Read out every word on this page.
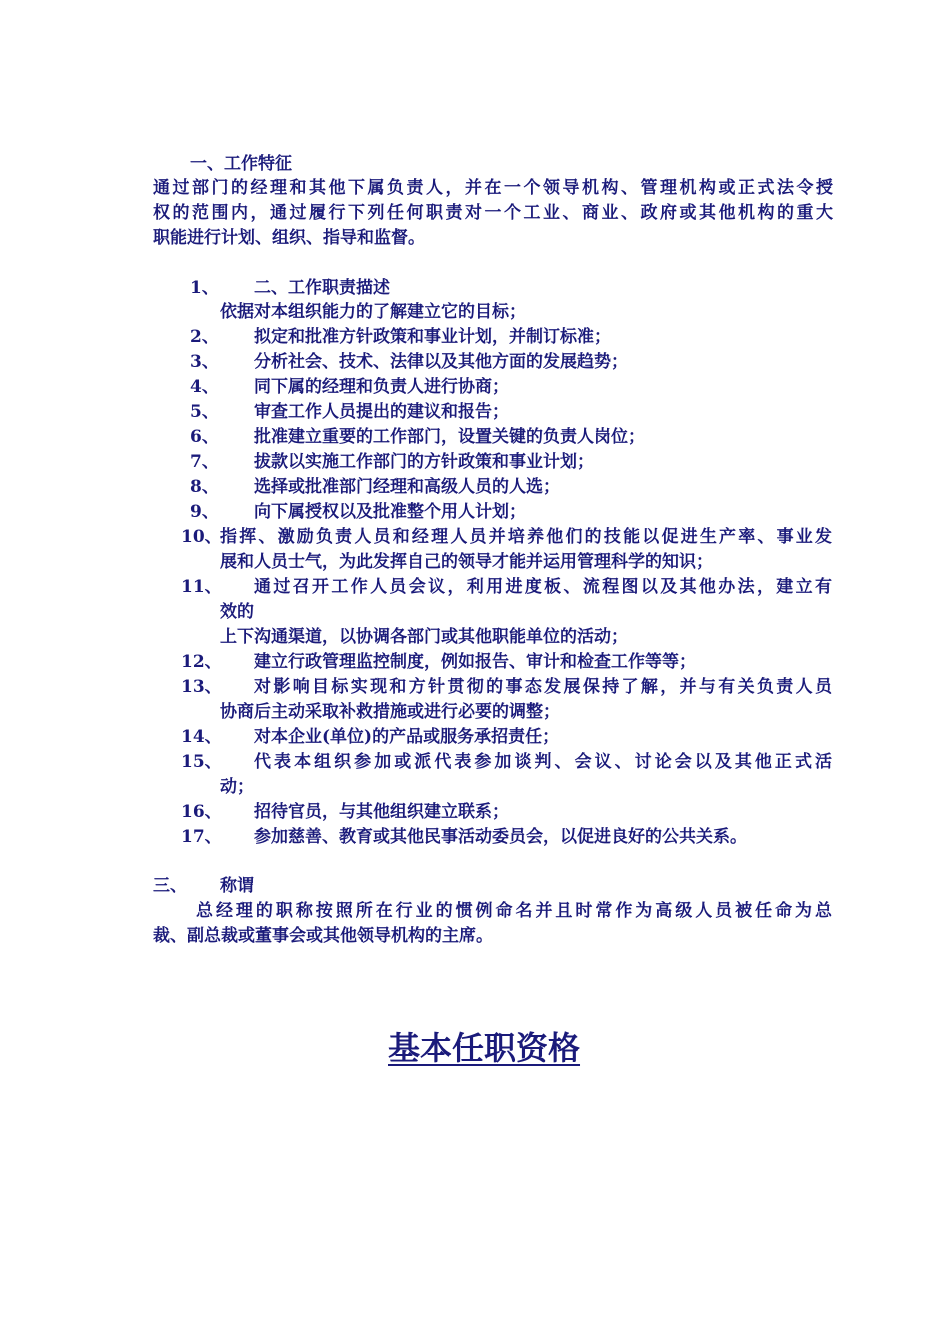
一、工作特征
通过部门的经理和其他下属负责人，并在一个领导机构、管理机构或正式法令授
权的范围内，通过履行下列任何职责对一个工业、商业、政府或其他机构的重大
职能进行计划、组织、指导和监督。
1、 二、工作职责描述
依据对本组织能力的了解建立它的目标；
2、 拟定和批准方针政策和事业计划，并制订标准；
3、 分析社会、技术、法律以及其他方面的发展趋势；
4、 同下属的经理和负责人进行协商；
5、 审查工作人员提出的建议和报告；
6、 批准建立重要的工作部门，设置关键的负责人岗位；
7、 拔款以实施工作部门的方针政策和事业计划；
8、 选择或批准部门经理和高级人员的人选；
9、 向下属授权以及批准整个用人计划；
10、
指挥、激励负责人员和经理人员并培养他们的技能以促进生产率、事业发
展和人员士气，为此发挥自己的领导才能并运用管理科学的知识；
11、 通过召开工作人员会议，利用进度板、流程图以及其他办法，建立有
效的
上下沟通渠道，以协调各部门或其他职能单位的活动；
12、 建立行政管理监控制度，例如报告、审计和检查工作等等；
13、 对影响目标实现和方针贯彻的事态发展保持了解，并与有关负责人员
协商后主动采取补救措施或进行必要的调整；
14、 对本企业(单位)的产品或服务承招责任；
15、 代表本组织参加或派代表参加谈判、会议、讨论会以及其他正式活
动；
16、 招待官员，与其他组织建立联系；
17、 参加慈善、教育或其他民事活动委员会，以促进良好的公共关系。
三、 称谓
总经理的职称按照所在行业的惯例命名并且时常作为高级人员被任命为总
裁、副总裁或董事会或其他领导机构的主席。
基本任职资格
